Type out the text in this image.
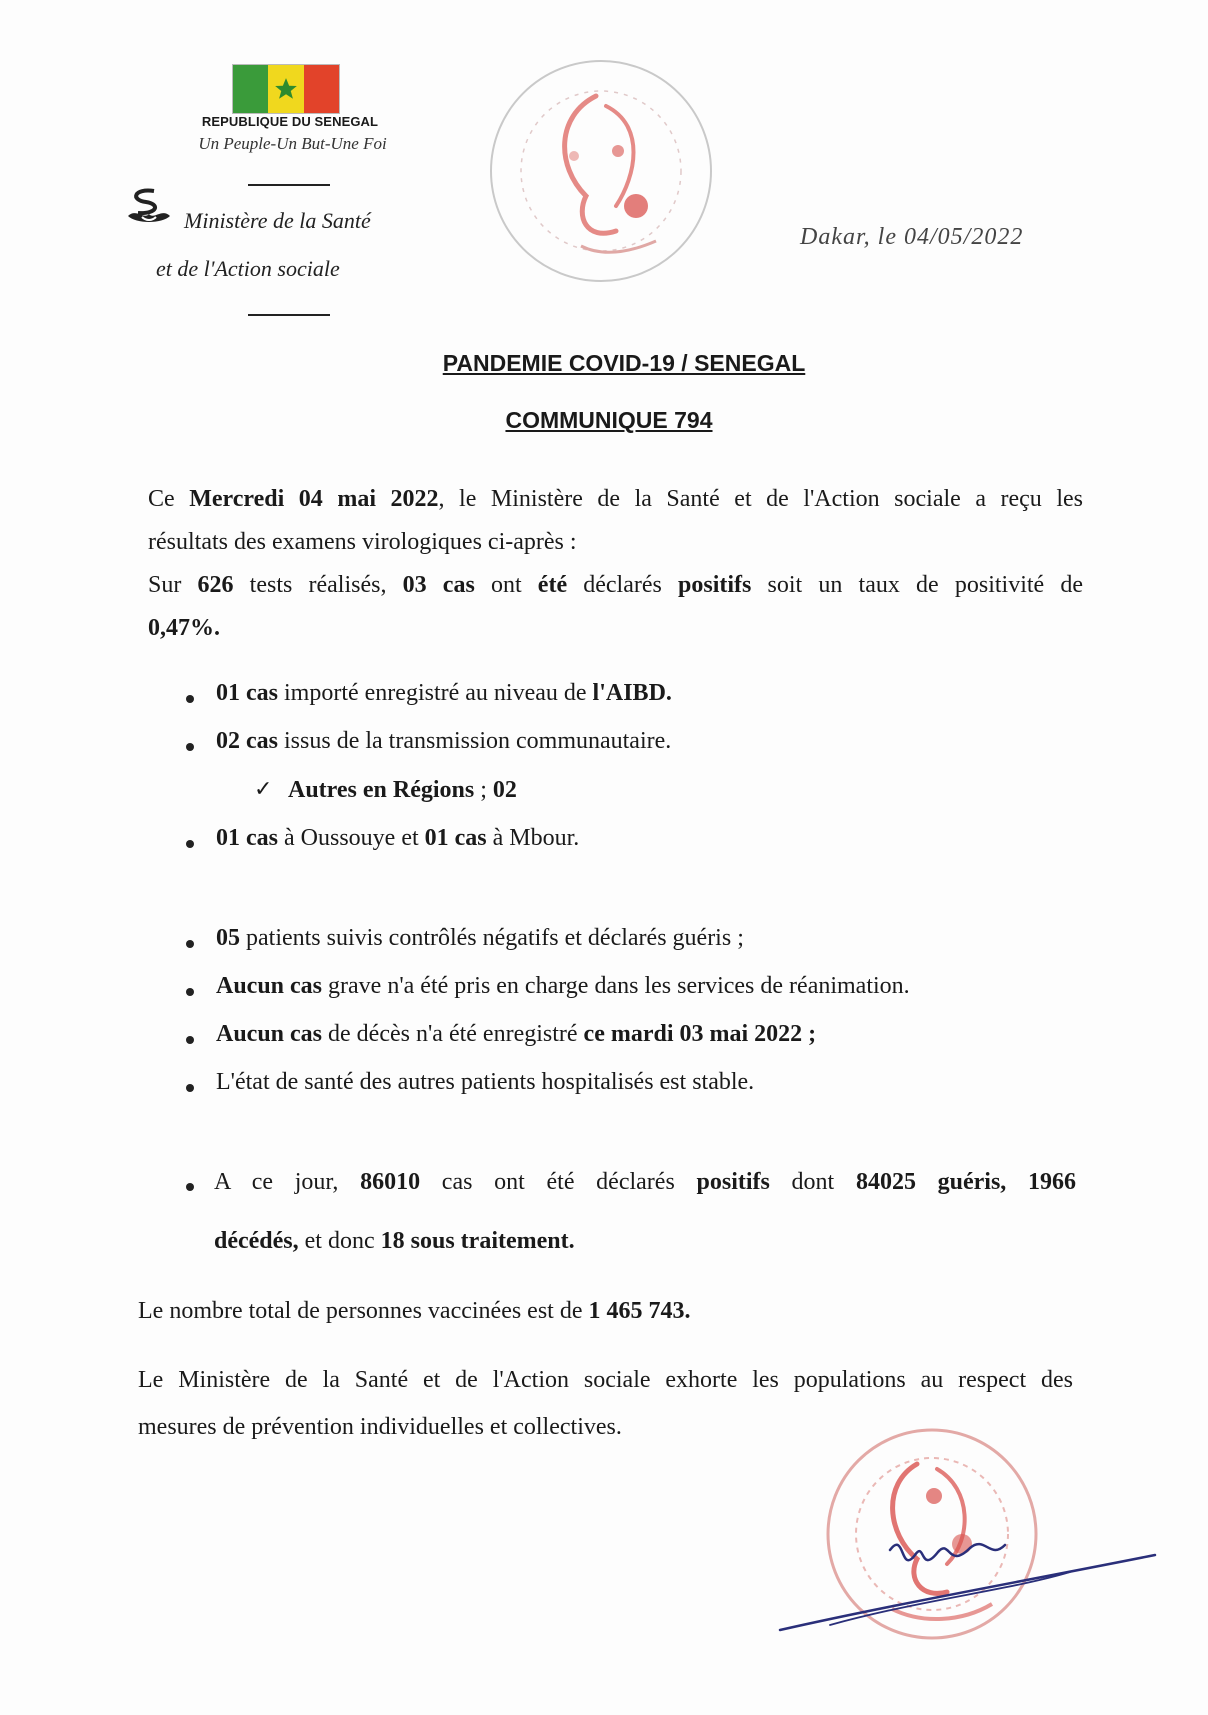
REPUBLIQUE DU SENEGAL
Un Peuple-Un But-Une Foi
Ministère de la Santé
et de l'Action sociale
Dakar, le 04/05/2022
PANDEMIE COVID-19 / SENEGAL
COMMUNIQUE 794
Ce Mercredi 04 mai 2022, le Ministère de la Santé et de l'Action sociale a reçu les
résultats des examens virologiques ci-après :
Sur 626 tests réalisés, 03 cas ont été déclarés positifs soit un taux de positivité de
0,47%.
01 cas importé enregistré au niveau de l'AIBD.
02 cas issus de la transmission communautaire.
✓ Autres en Régions ; 02
01 cas à Oussouye et 01 cas à Mbour.
05 patients suivis contrôlés négatifs et déclarés guéris ;
Aucun cas grave n'a été pris en charge dans les services de réanimation.
Aucun cas de décès n'a été enregistré ce mardi 03 mai 2022 ;
L'état de santé des autres patients hospitalisés est stable.
A ce jour, 86010 cas ont été déclarés positifs dont 84025 guéris, 1966
décédés, et donc 18 sous traitement.
Le nombre total de personnes vaccinées est de 1 465 743.
Le Ministère de la Santé et de l'Action sociale exhorte les populations au respect des
mesures de prévention individuelles et collectives.
